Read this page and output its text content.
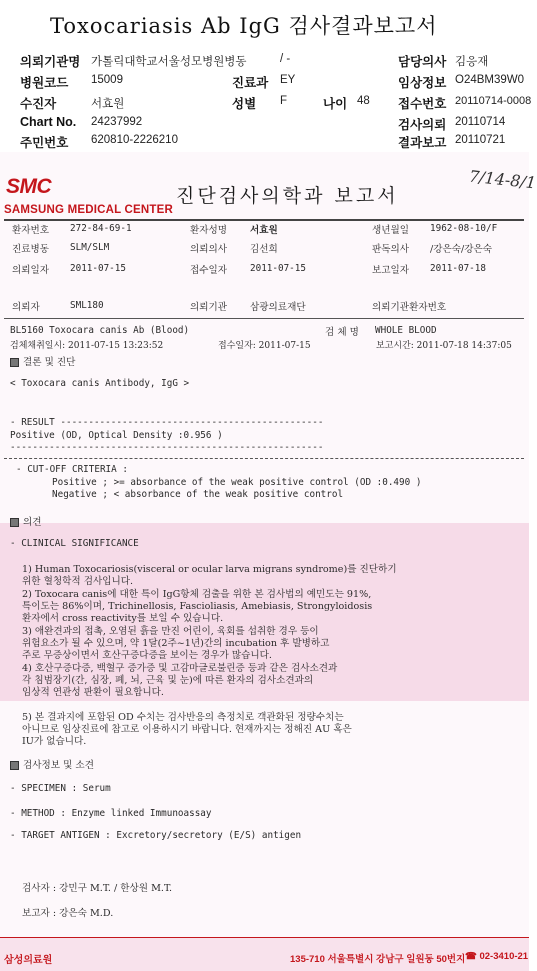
Toxocariasis Ab IgG 검사결과보고서
의뢰기관명 가톨릭대학교서울성모병원병동	/ -	담당의사 김응재
병원코드 15009	진료과 EY	임상정보 O24BM39W0
수진자	서효원	성별 F	나이 48 접수번호 20110714-0008
Chart No. 24237992	검사의뢰 20110714
주민번호 620810-2226210	결과보고 20110721
SMC
SAMSUNG MEDICAL CENTER
진단검사의학과 보고서
7/14-8/1
환자번호 272-84-69-1	환자성명 서효원	생년월일 1962-08-10/F
진료병동 SLM/SLM	의뢰의사 김선희	판독의사 /강은숙/강은숙
의뢰일자 2011-07-15	접수일자 2011-07-15	보고일자 2011-07-18
의뢰자	SML180	의뢰기관 삼광의료재단	의뢰기관환자번호
BL5160 Toxocara canis Ab (Blood)	검 체 명 WHOLE BLOOD
검체채취일시: 2011-07-15 13:23:52	접수일자: 2011-07-15	보고시간: 2011-07-18 14:37:05
결론 및 진단
< Toxocara canis Antibody, IgG >
- RESULT -----------------------------------------------
Positive (OD, Optical Density :0.956 )
--------------------------------------------------------
- CUT-OFF CRITERIA :
Positive ; >= absorbance of the weak positive control (OD :0.490 )
Negative ; < absorbance of the weak positive control
의견
- CLINICAL SIGNIFICANCE
1) Human Toxocariosis(visceral or ocular larva migrans syndrome)를 진단하기
위한 혈청학적 검사입니다.
2) Toxocara canis에 대한 특이 IgG항체 검출을 위한 본 검사법의 예민도는 91%,
특이도는 86%이며, Trichinellosis, Fascioliasis, Amebiasis, Strongyloidosis
환자에서 cross reactivity를 보일 수 있습니다.
3) 애완견과의 접촉, 오염된 흙을 만진 어린이, 육회를 섭취한 경우 등이
위험요소가 될 수 있으며, 약 1달(2주~1년)간의 incubation 후 발병하고
주로 무증상이면서 호산구증다증을 보이는 경우가 많습니다.
4) 호산구증다증, 백혈구 증가증 및 고감마글로불린증 등과 같은 검사소견과
각 침범장기(간, 심장, 폐, 뇌, 근육 및 눈)에 따른 환자의 검사소견과의
임상적 연관성 판환이 필요합니다.
5) 본 결과지에 포함된 OD 수치는 검사반응의 측정치로 객관화된 정량수치는
아니므로 임상진료에 참고로 이용하시기 바랍니다. 현재까지는 정해진 AU 혹은
IU가 없습니다.
검사정보 및 소견
- SPECIMEN : Serum
- METHOD : Enzyme linked Immunoassay
- TARGET ANTIGEN : Excretory/secretory (E/S) antigen
검사자 : 강민구 M.T. / 한상원 M.T.
보고자 : 강은숙 M.D.
삼성의료원	135-710 서울특별시 강남구 일원동 50번지 ☎ 02-3410-21
